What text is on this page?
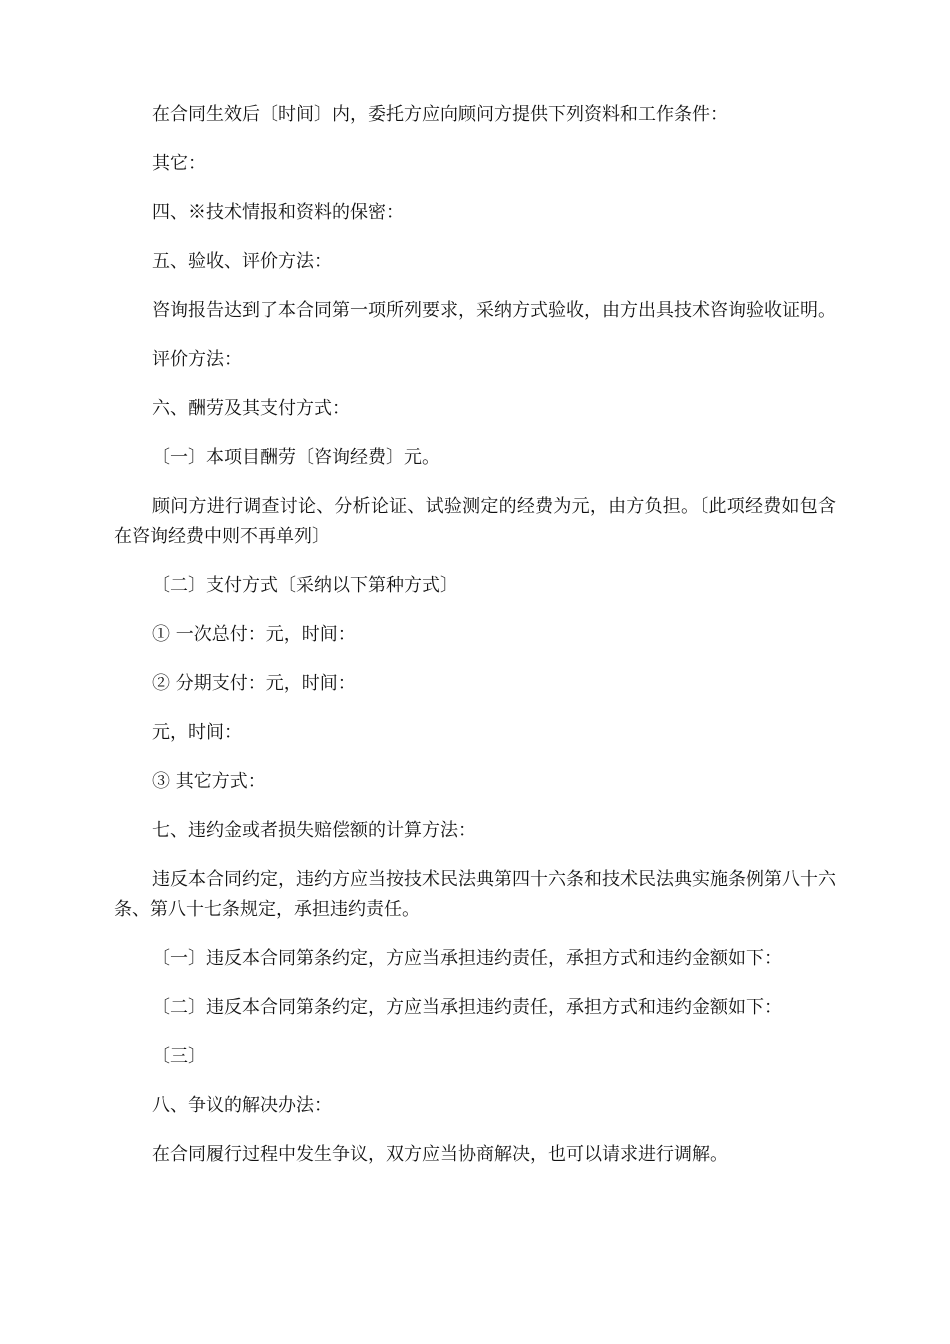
在合同生效后〔时间〕内，委托方应向顾问方提供下列资料和工作条件：

其它：

四、※技术情报和资料的保密：

五、验收、评价方法：

咨询报告达到了本合同第一项所列要求，采纳方式验收，由方出具技术咨询验收证明。

评价方法：

六、酬劳及其支付方式：

〔一〕本项目酬劳〔咨询经费〕元。

顾问方进行调查讨论、分析论证、试验测定的经费为元，由方负担。〔此项经费如包含在咨询经费中则不再单列〕

〔二〕支付方式〔采纳以下第种方式〕

① 一次总付：元，时间：

② 分期支付：元，时间：

元，时间：

③ 其它方式：

七、违约金或者损失赔偿额的计算方法：

违反本合同约定，违约方应当按技术民法典第四十六条和技术民法典实施条例第八十六条、第八十七条规定，承担违约责任。

〔一〕违反本合同第条约定，方应当承担违约责任，承担方式和违约金额如下：

〔二〕违反本合同第条约定，方应当承担违约责任，承担方式和违约金额如下：

〔三〕

八、争议的解决办法：

在合同履行过程中发生争议，双方应当协商解决，也可以请求进行调解。
